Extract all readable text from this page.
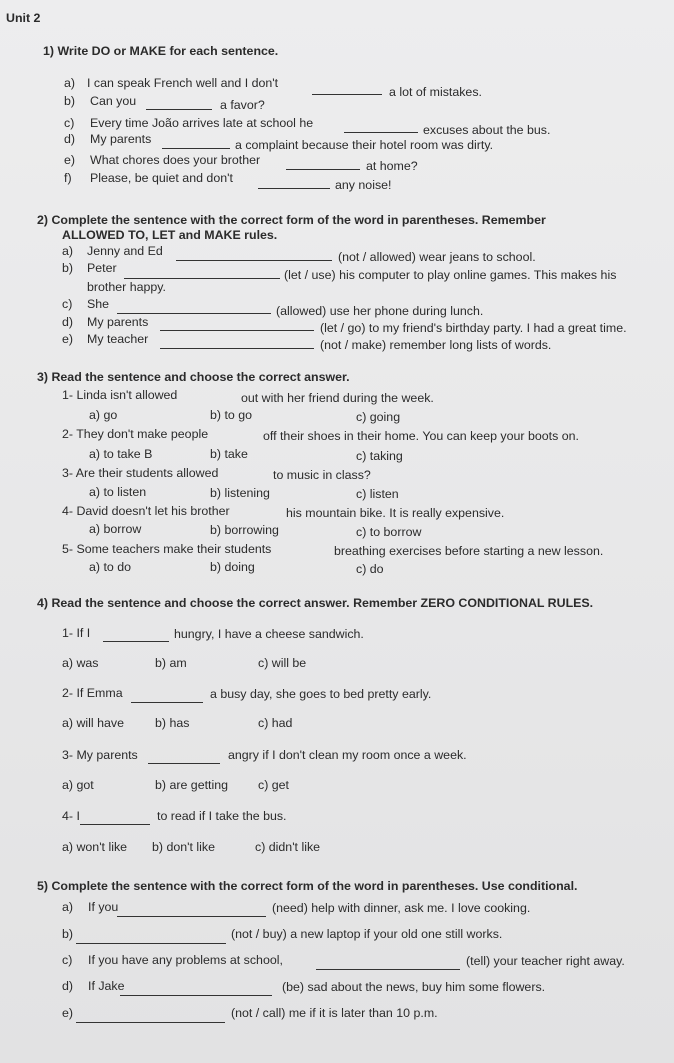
Unit 2
1) Write DO or MAKE for each sentence.
a) I can speak French well and I don't
a lot of mistakes.
b) Can you	a favor?
c) Every time João arrives late at school he	excuses about the bus.
d) My parents	a complaint because their hotel room was dirty.
e) What chores does your brother	at home?
f) Please, be quiet and don't	any noise!
2) Complete the sentence with the correct form of the word in parentheses. Remember
ALLOWED TO, LET and MAKE rules.
a) Jenny and Ed	(not / allowed) wear jeans to school.
b) Peter	(let / use) his computer to play online games. This makes his
brother happy.
c) She	(allowed) use her phone during lunch.
d) My parents	(let / go) to my friend's birthday party. I had a great time.
e) My teacher	(not / make) remember long lists of words.
3) Read the sentence and choose the correct answer.
1- Linda isn't allowed	out with her friend during the week.
a) go	b) to go	c) going
2- They don't make people	off their shoes in their home. You can keep your boots on.
a) to take B	b) take	c) taking
3- Are their students allowed	to music in class?
a) to listen	b) listening	c) listen
4- David doesn't let his brother	his mountain bike. It is really expensive.
a) borrow	b) borrowing	c) to borrow
5- Some teachers make their students	breathing exercises before starting a new lesson.
a) to do	b) doing	c) do
4) Read the sentence and choose the correct answer. Remember ZERO CONDITIONAL RULES.
1- If I	hungry, I have a cheese sandwich.
a) was	b) am	c) will be
2- If Emma	a busy day, she goes to bed pretty early.
a) will have	b) has	c) had
3- My parents	angry if I don't clean my room once a week.
a) got	b) are getting c) get
4- I	to read if I take the bus.
a) won't like b) don't like	c) didn't like
5) Complete the sentence with the correct form of the word in parentheses. Use conditional.
a) If you	(need) help with dinner, ask me. I love cooking.
b)	(not / buy) a new laptop if your old one still works.
c) If you have any problems at school,	(tell) your teacher right away.
d) If Jake	(be) sad about the news, buy him some flowers.
e)	(not / call) me if it is later than 10 p.m.
